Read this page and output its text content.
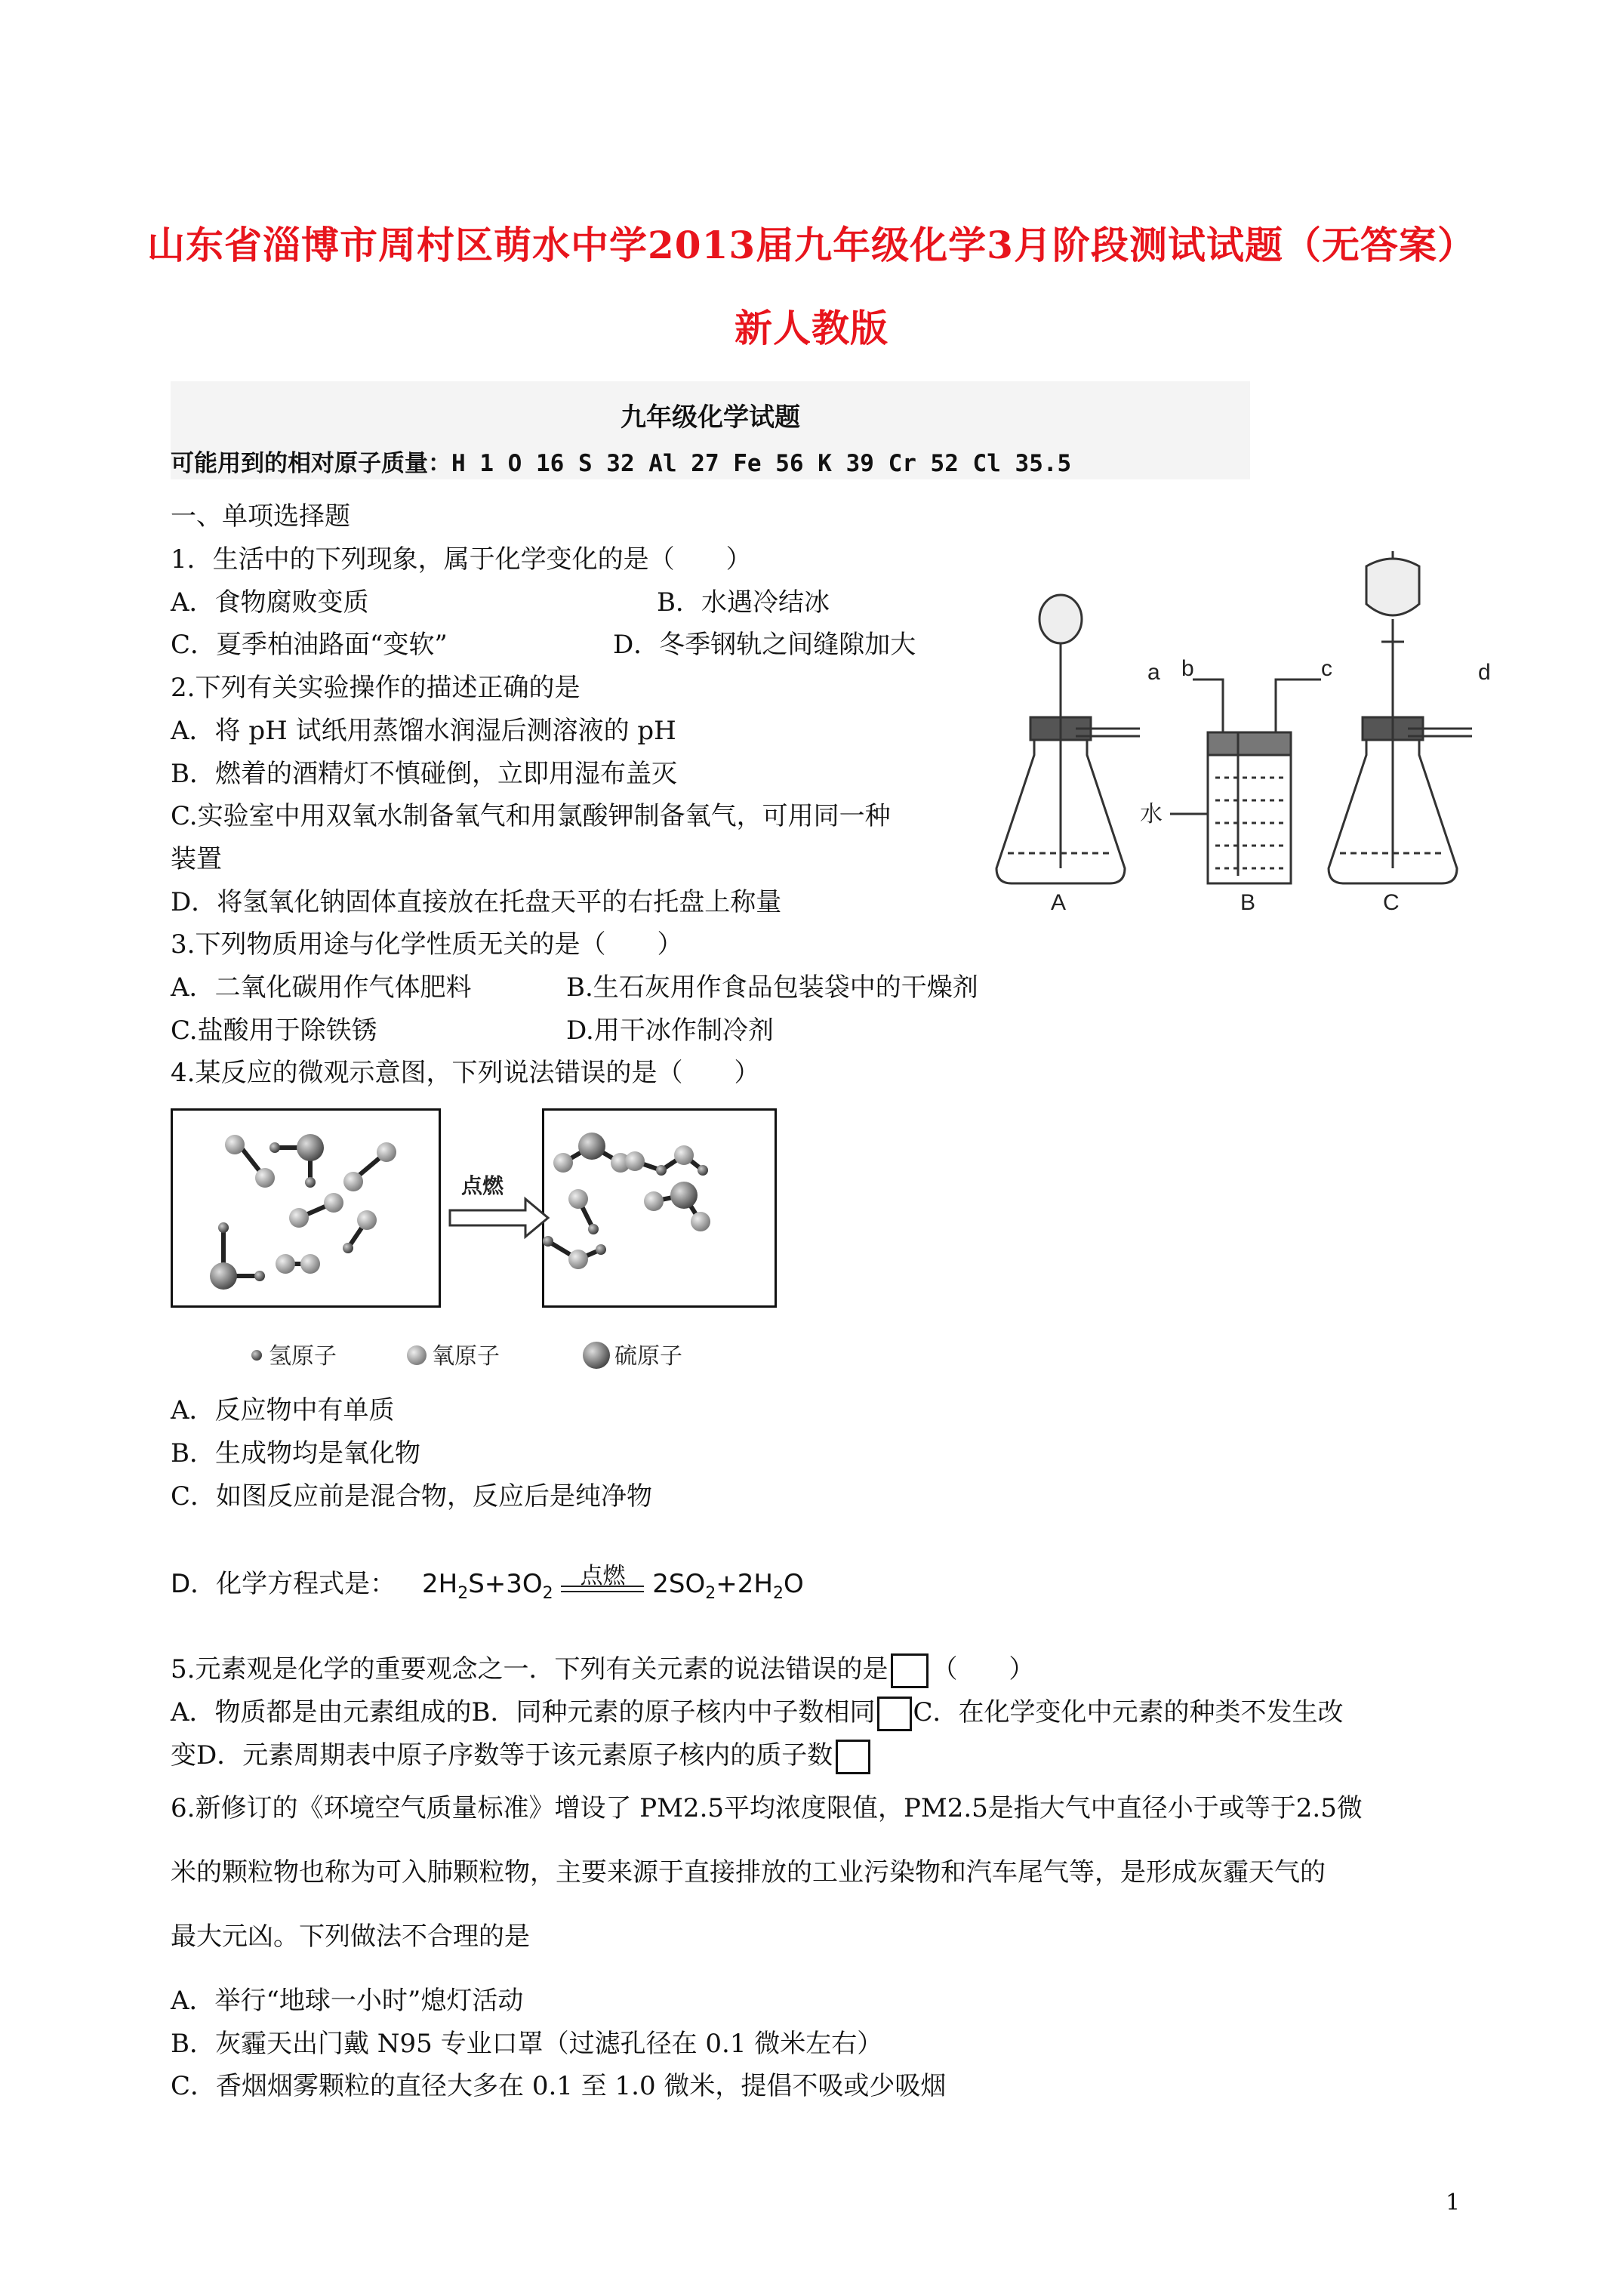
山东省淄博市周村区萌水中学2013届九年级化学3月阶段测试试题（无答案）
新人教版
九年级化学试题
可能用到的相对原子质量：H 1 O 16 S 32 Al 27 Fe 56 K 39 Cr 52 Cl 35.5
一、单项选择题
1．生活中的下列现象，属于化学变化的是（　　）
A．食物腐败变质	B．水遇冷结冰
C．夏季柏油路面“变软”	D．冬季钢轨之间缝隙加大
2.下列有关实验操作的描述正确的是
A．将 pH 试纸用蒸馏水润湿后测溶液的 pH
B．燃着的酒精灯不慎碰倒，立即用湿布盖灭
C.实验室中用双氧水制备氧气和用氯酸钾制备氧气，可用同一种
装置
D．将氢氧化钠固体直接放在托盘天平的右托盘上称量
a b	c	d
水
A	B	C
3.下列物质用途与化学性质无关的是（　　）
A．二氧化碳用作气体肥料	B.生石灰用作食品包装袋中的干燥剂
C.盐酸用于除铁锈	D.用干冰作制冷剂
4.某反应的微观示意图，下列说法错误的是（　　）
点燃
氢原子	氧原子	硫原子
A．反应物中有单质
B．生成物均是氧化物
C．如图反应前是混合物，反应后是纯净物
D．化学方程式是： $2H_2S+3O_2$
点燃	$2SO_2+2H_2O$
5.元素观是化学的重要观念之一．下列有关元素的说法错误的是 （　　）
A．物质都是由元素组成的B．同种元素的原子核内中子数相同 C．在化学变化中元素的种类不发生改
变D．元素周期表中原子序数等于该元素原子核内的质子数
6.新修订的《环境空气质量标准》增设了 PM2.5平均浓度限值，PM2.5是指大气中直径小于或等于2.5微
米的颗粒物也称为可入肺颗粒物，主要来源于直接排放的工业污染物和汽车尾气等，是形成灰霾天气的
最大元凶。下列做法不合理的是
A．举行“地球一小时”熄灯活动
B．灰霾天出门戴 N95 专业口罩（过滤孔径在 0.1 微米左右）
C．香烟烟雾颗粒的直径大多在 0.1 至 1.0 微米，提倡不吸或少吸烟
1
